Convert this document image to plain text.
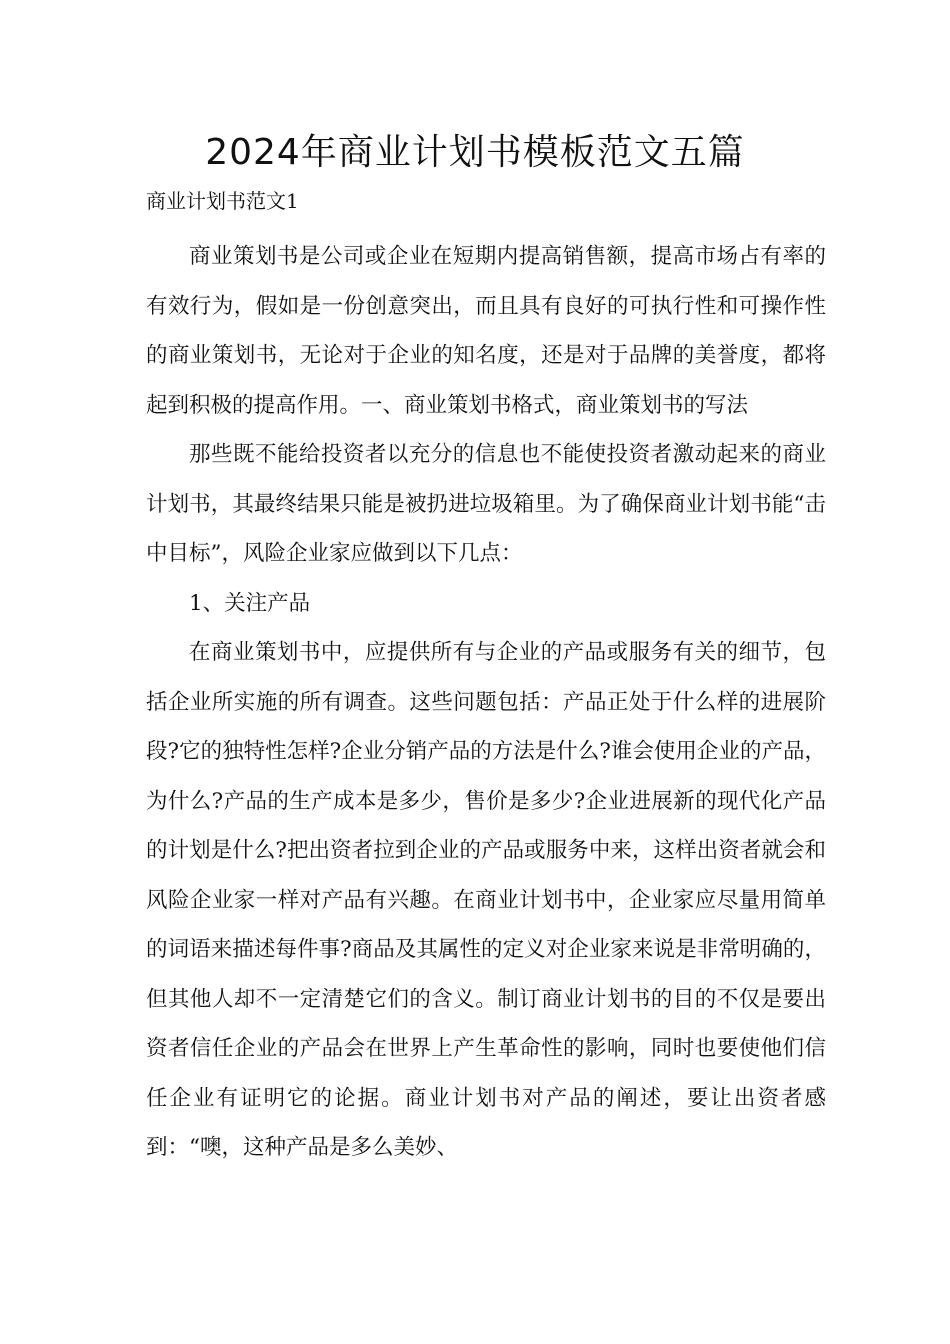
2024年商业计划书模板范文五篇
商业计划书范文1

商业策划书是公司或企业在短期内提高销售额，提高市场占有率的有效行为，假如是一份创意突出，而且具有良好的可执行性和可操作性的商业策划书，无论对于企业的知名度，还是对于品牌的美誉度，都将起到积极的提高作用。一、商业策划书格式，商业策划书的写法

那些既不能给投资者以充分的信息也不能使投资者激动起来的商业计划书，其最终结果只能是被扔进垃圾箱里。为了确保商业计划书能“击中目标”，风险企业家应做到以下几点：

1、关注产品

在商业策划书中，应提供所有与企业的产品或服务有关的细节，包括企业所实施的所有调查。这些问题包括：产品正处于什么样的进展阶段?它的独特性怎样?企业分销产品的方法是什么?谁会使用企业的产品，为什么?产品的生产成本是多少，售价是多少?企业进展新的现代化产品的计划是什么?把出资者拉到企业的产品或服务中来，这样出资者就会和风险企业家一样对产品有兴趣。在商业计划书中，企业家应尽量用简单的词语来描述每件事?商品及其属性的定义对企业家来说是非常明确的，但其他人却不一定清楚它们的含义。制订商业计划书的目的不仅是要出资者信任企业的产品会在世界上产生革命性的影响，同时也要使他们信任企业有证明它的论据。商业计划书对产品的阐述，要让出资者感到：“噢，这种产品是多么美妙、
